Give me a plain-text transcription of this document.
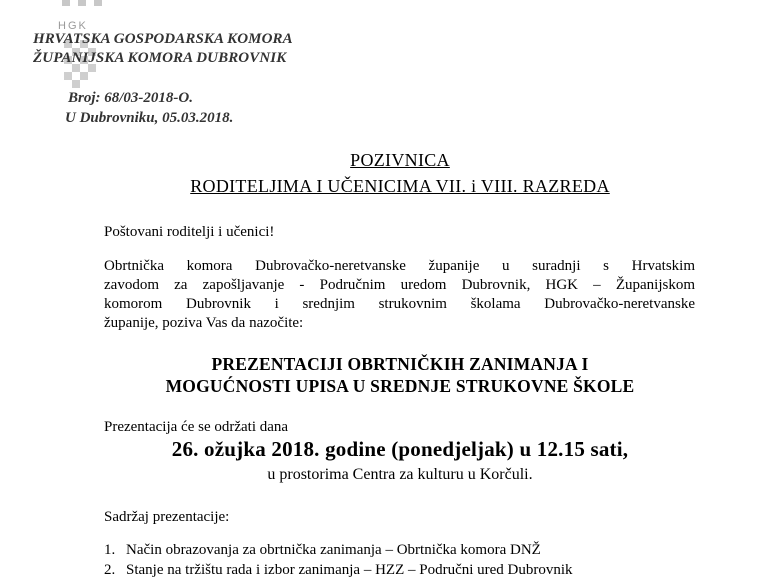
HGK
HRVATSKA GOSPODARSKA KOMORA
ŽUPANIJSKA KOMORA DUBROVNIK
Broj: 68/03-2018-O.
U Dubrovniku, 05.03.2018.
POZIVNICA
RODITELJIMA I UČENICIMA VII. i VIII. RAZREDA
Poštovani roditelji i učenici!
Obrtnička komora Dubrovačko-neretvanske županije u suradnji s Hrvatskim
zavodom za zapošljavanje - Područnim uredom Dubrovnik, HGK – Županijskom
komorom Dubrovnik i srednjim strukovnim školama Dubrovačko-neretvanske
županije, poziva Vas da nazočite:
PREZENTACIJI OBRTNIČKIH ZANIMANJA I
MOGUĆNOSTI UPISA U SREDNJE STRUKOVNE ŠKOLE
Prezentacija će se održati dana
26. ožujka 2018. godine (ponedjeljak) u 12.15 sati,
u prostorima Centra za kulturu u Korčuli.
Sadržaj prezentacije:
1. Način obrazovanja za obrtnička zanimanja – Obrtnička komora DNŽ
2. Stanje na tržištu rada i izbor zanimanja – HZZ – Područni ured Dubrovnik
